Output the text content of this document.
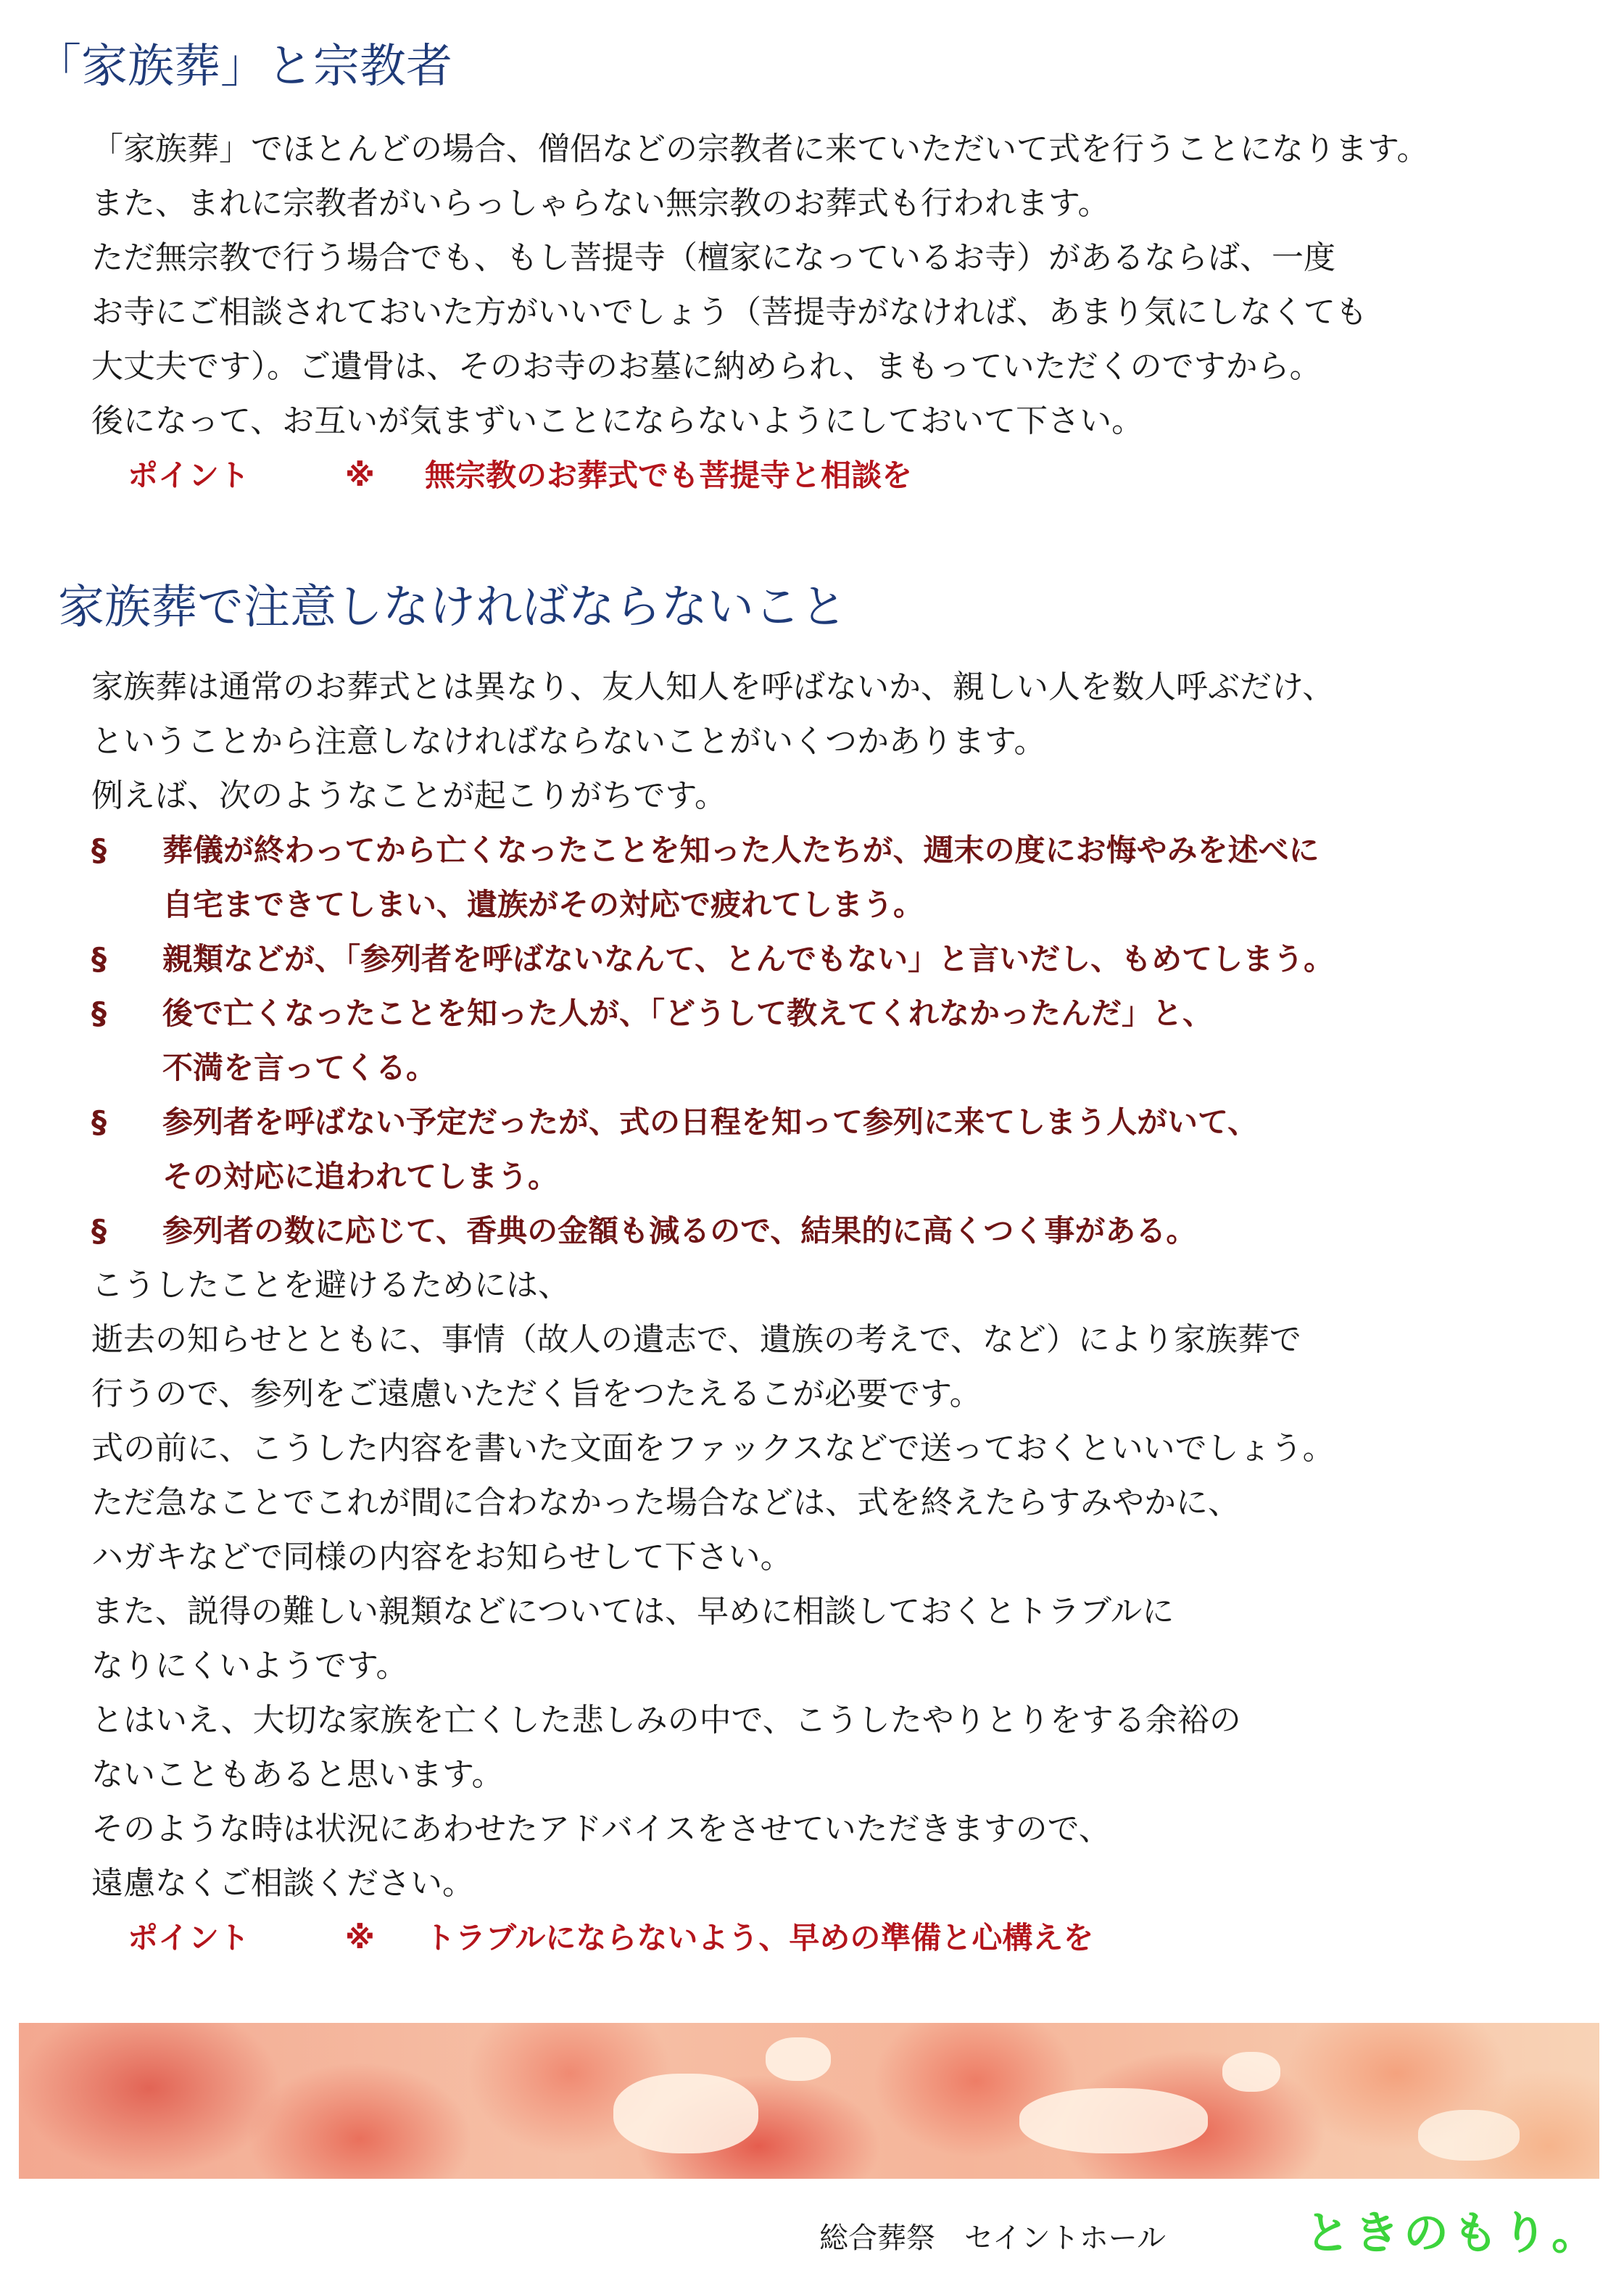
「家族葬」と宗教者

「家族葬」でほとんどの場合、僧侶などの宗教者に来ていただいて式を行うことになります。

また、まれに宗教者がいらっしゃらない無宗教のお葬式も行われます。

ただ無宗教で行う場合でも、もし菩提寺（檀家になっているお寺）があるならば、一度

お寺にご相談されておいた方がいいでしょう（菩提寺がなければ、あまり気にしなくても

大丈夫です）。ご遺骨は、そのお寺のお墓に納められ、まもっていただくのですから。

後になって、お互いが気まずいことにならないようにしておいて下さい。

ポイント	※ 無宗教のお葬式でも菩提寺と相談を

家族葬で注意しなければならないこと

家族葬は通常のお葬式とは異なり、友人知人を呼ばないか、親しい人を数人呼ぶだけ、

ということから注意しなければならないことがいくつかあります。

例えば、次のようなことが起こりがちです。

§	葬儀が終わってから亡くなったことを知った人たちが、週末の度にお悔やみを述べに
自宅まできてしまい、遺族がその対応で疲れてしまう。
§	親類などが、「参列者を呼ばないなんて、とんでもない」と言いだし、もめてしまう。
§	後で亡くなったことを知った人が、「どうして教えてくれなかったんだ」と、
不満を言ってくる。
§	参列者を呼ばない予定だったが、式の日程を知って参列に来てしまう人がいて、
その対応に追われてしまう。
§	参列者の数に応じて、香典の金額も減るので、結果的に高くつく事がある。

こうしたことを避けるためには、

逝去の知らせとともに、事情（故人の遺志で、遺族の考えで、など）により家族葬で

行うので、参列をご遠慮いただく旨をつたえるこが必要です。

式の前に、こうした内容を書いた文面をファックスなどで送っておくといいでしょう。

ただ急なことでこれが間に合わなかった場合などは、式を終えたらすみやかに、

ハガキなどで同様の内容をお知らせして下さい。

また、説得の難しい親類などについては、早めに相談しておくとトラブルに

なりにくいようです。

とはいえ、大切な家族を亡くした悲しみの中で、こうしたやりとりをする余裕の

ないこともあると思います。

そのような時は状況にあわせたアドバイスをさせていただきますので、

遠慮なくご相談ください。

ポイント	※ トラブルにならないよう、早めの準備と心構えを

総合葬祭　セイントホール	ときのもり。
